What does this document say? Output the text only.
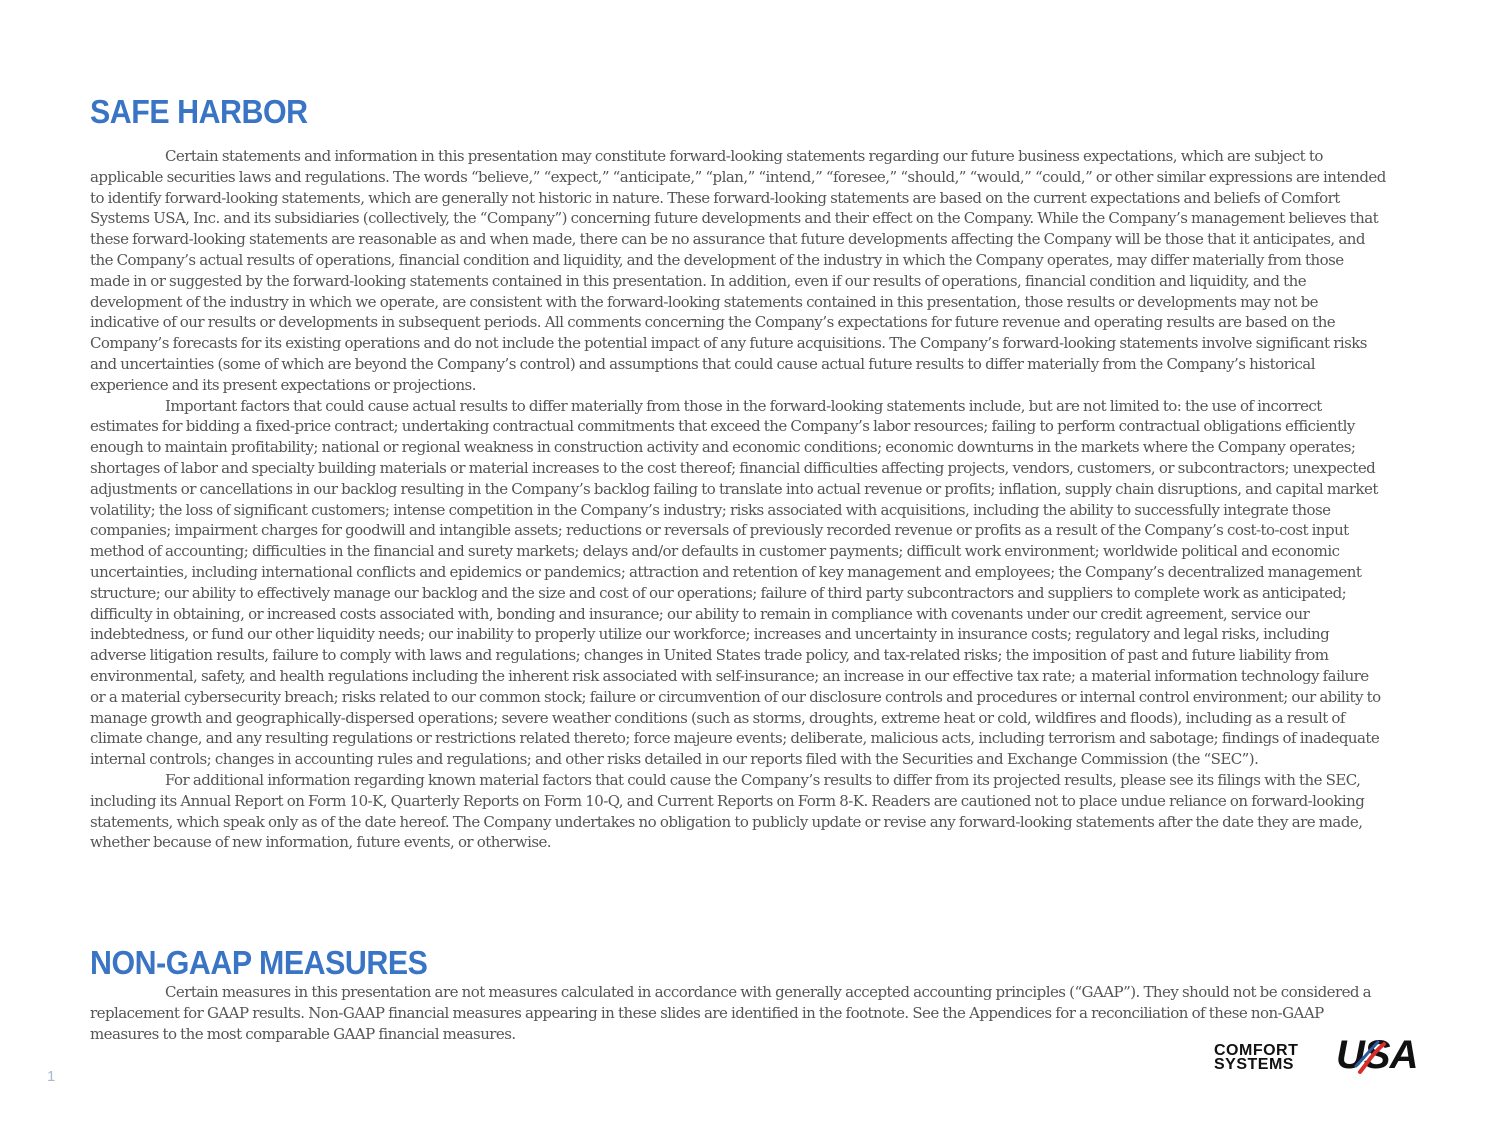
SAFE HARBOR

Certain statements and information in this presentation may constitute forward-looking statements regarding our future business expectations, which are subject to applicable securities laws and regulations. The words “believe,” “expect,” “anticipate,” “plan,” “intend,” “foresee,” “should,” “would,” “could,” or other similar expressions are intended to identify forward-looking statements, which are generally not historic in nature. These forward-looking statements are based on the current expectations and beliefs of Comfort Systems USA, Inc. and its subsidiaries (collectively, the “Company”) concerning future developments and their effect on the Company. While the Company’s management believes that these forward-looking statements are reasonable as and when made, there can be no assurance that future developments affecting the Company will be those that it anticipates, and the Company’s actual results of operations, financial condition and liquidity, and the development of the industry in which the Company operates, may differ materially from those made in or suggested by the forward-looking statements contained in this presentation. In addition, even if our results of operations, financial condition and liquidity, and the development of the industry in which we operate, are consistent with the forward-looking statements contained in this presentation, those results or developments may not be indicative of our results or developments in subsequent periods. All comments concerning the Company’s expectations for future revenue and operating results are based on the Company’s forecasts for its existing operations and do not include the potential impact of any future acquisitions. The Company’s forward-looking statements involve significant risks and uncertainties (some of which are beyond the Company’s control) and assumptions that could cause actual future results to differ materially from the Company’s historical experience and its present expectations or projections.

Important factors that could cause actual results to differ materially from those in the forward-looking statements include, but are not limited to: the use of incorrect estimates for bidding a fixed-price contract; undertaking contractual commitments that exceed the Company’s labor resources; failing to perform contractual obligations efficiently enough to maintain profitability; national or regional weakness in construction activity and economic conditions; economic downturns in the markets where the Company operates; shortages of labor and specialty building materials or material increases to the cost thereof; financial difficulties affecting projects, vendors, customers, or subcontractors; unexpected adjustments or cancellations in our backlog resulting in the Company’s backlog failing to translate into actual revenue or profits; inflation, supply chain disruptions, and capital market volatility; the loss of significant customers; intense competition in the Company’s industry; risks associated with acquisitions, including the ability to successfully integrate those companies; impairment charges for goodwill and intangible assets; reductions or reversals of previously recorded revenue or profits as a result of the Company’s cost-to-cost input method of accounting; difficulties in the financial and surety markets; delays and/or defaults in customer payments; difficult work environment; worldwide political and economic uncertainties, including international conflicts and epidemics or pandemics; attraction and retention of key management and employees; the Company’s decentralized management structure; our ability to effectively manage our backlog and the size and cost of our operations; failure of third party subcontractors and suppliers to complete work as anticipated; difficulty in obtaining, or increased costs associated with, bonding and insurance; our ability to remain in compliance with covenants under our credit agreement, service our indebtedness, or fund our other liquidity needs; our inability to properly utilize our workforce; increases and uncertainty in insurance costs; regulatory and legal risks, including adverse litigation results, failure to comply with laws and regulations; changes in United States trade policy, and tax-related risks; the imposition of past and future liability from environmental, safety, and health regulations including the inherent risk associated with self-insurance; an increase in our effective tax rate; a material information technology failure or a material cybersecurity breach; risks related to our common stock; failure or circumvention of our disclosure controls and procedures or internal control environment; our ability to manage growth and geographically-dispersed operations; severe weather conditions (such as storms, droughts, extreme heat or cold, wildfires and floods), including as a result of climate change, and any resulting regulations or restrictions related thereto; force majeure events; deliberate, malicious acts, including terrorism and sabotage; findings of inadequate internal controls; changes in accounting rules and regulations; and other risks detailed in our reports filed with the Securities and Exchange Commission (the “SEC”).

For additional information regarding known material factors that could cause the Company’s results to differ from its projected results, please see its filings with the SEC, including its Annual Report on Form 10-K, Quarterly Reports on Form 10-Q, and Current Reports on Form 8-K. Readers are cautioned not to place undue reliance on forward-looking statements, which speak only as of the date hereof. The Company undertakes no obligation to publicly update or revise any forward-looking statements after the date they are made, whether because of new information, future events, or otherwise.

NON-GAAP MEASURES

Certain measures in this presentation are not measures calculated in accordance with generally accepted accounting principles (“GAAP”). They should not be considered a replacement for GAAP results. Non-GAAP financial measures appearing in these slides are identified in the footnote. See the Appendices for a reconciliation of these non-GAAP measures to the most comparable GAAP financial measures.

1
COMFORT
SYSTEMS USA
